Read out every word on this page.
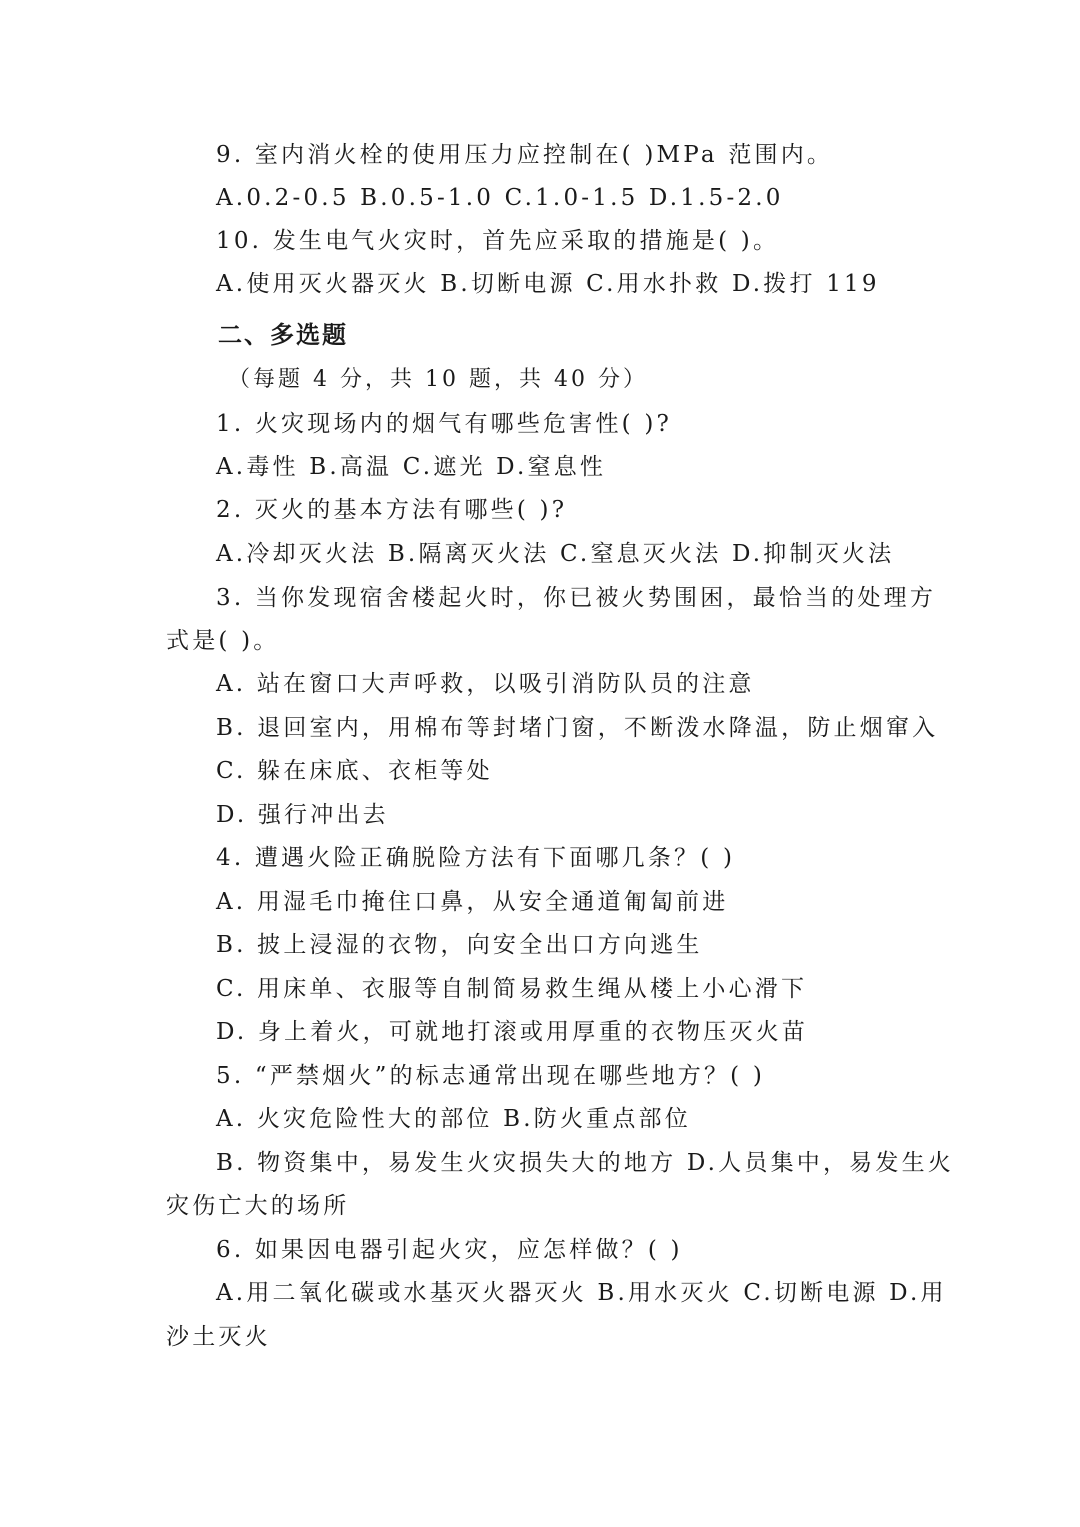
9. 室内消火栓的使用压力应控制在( )MPa 范围内。
A.0.2-0.5 B.0.5-1.0 C.1.0-1.5 D.1.5-2.0
10. 发生电气火灾时，首先应采取的措施是( )。
A.使用灭火器灭火 B.切断电源 C.用水扑救 D.拨打 119
二、多选题
（每题 4 分，共 10 题，共 40 分）
1. 火灾现场内的烟气有哪些危害性( )?
A.毒性 B.高温 C.遮光 D.窒息性
2. 灭火的基本方法有哪些( )?
A.冷却灭火法 B.隔离灭火法 C.窒息灭火法 D.抑制灭火法
3. 当你发现宿舍楼起火时，你已被火势围困，最恰当的处理方
式是( )。
A. 站在窗口大声呼救，以吸引消防队员的注意
B. 退回室内，用棉布等封堵门窗，不断泼水降温，防止烟窜入
C. 躲在床底、衣柜等处
D. 强行冲出去
4. 遭遇火险正确脱险方法有下面哪几条？( )
A. 用湿毛巾掩住口鼻，从安全通道匍匐前进
B. 披上浸湿的衣物，向安全出口方向逃生
C. 用床单、衣服等自制简易救生绳从楼上小心滑下
D. 身上着火，可就地打滚或用厚重的衣物压灭火苗
5. “严禁烟火”的标志通常出现在哪些地方？( )
A. 火灾危险性大的部位 B.防火重点部位
B. 物资集中，易发生火灾损失大的地方 D.人员集中，易发生火
灾伤亡大的场所
6. 如果因电器引起火灾，应怎样做？( )
A.用二氧化碳或水基灭火器灭火 B.用水灭火 C.切断电源 D.用
沙土灭火
